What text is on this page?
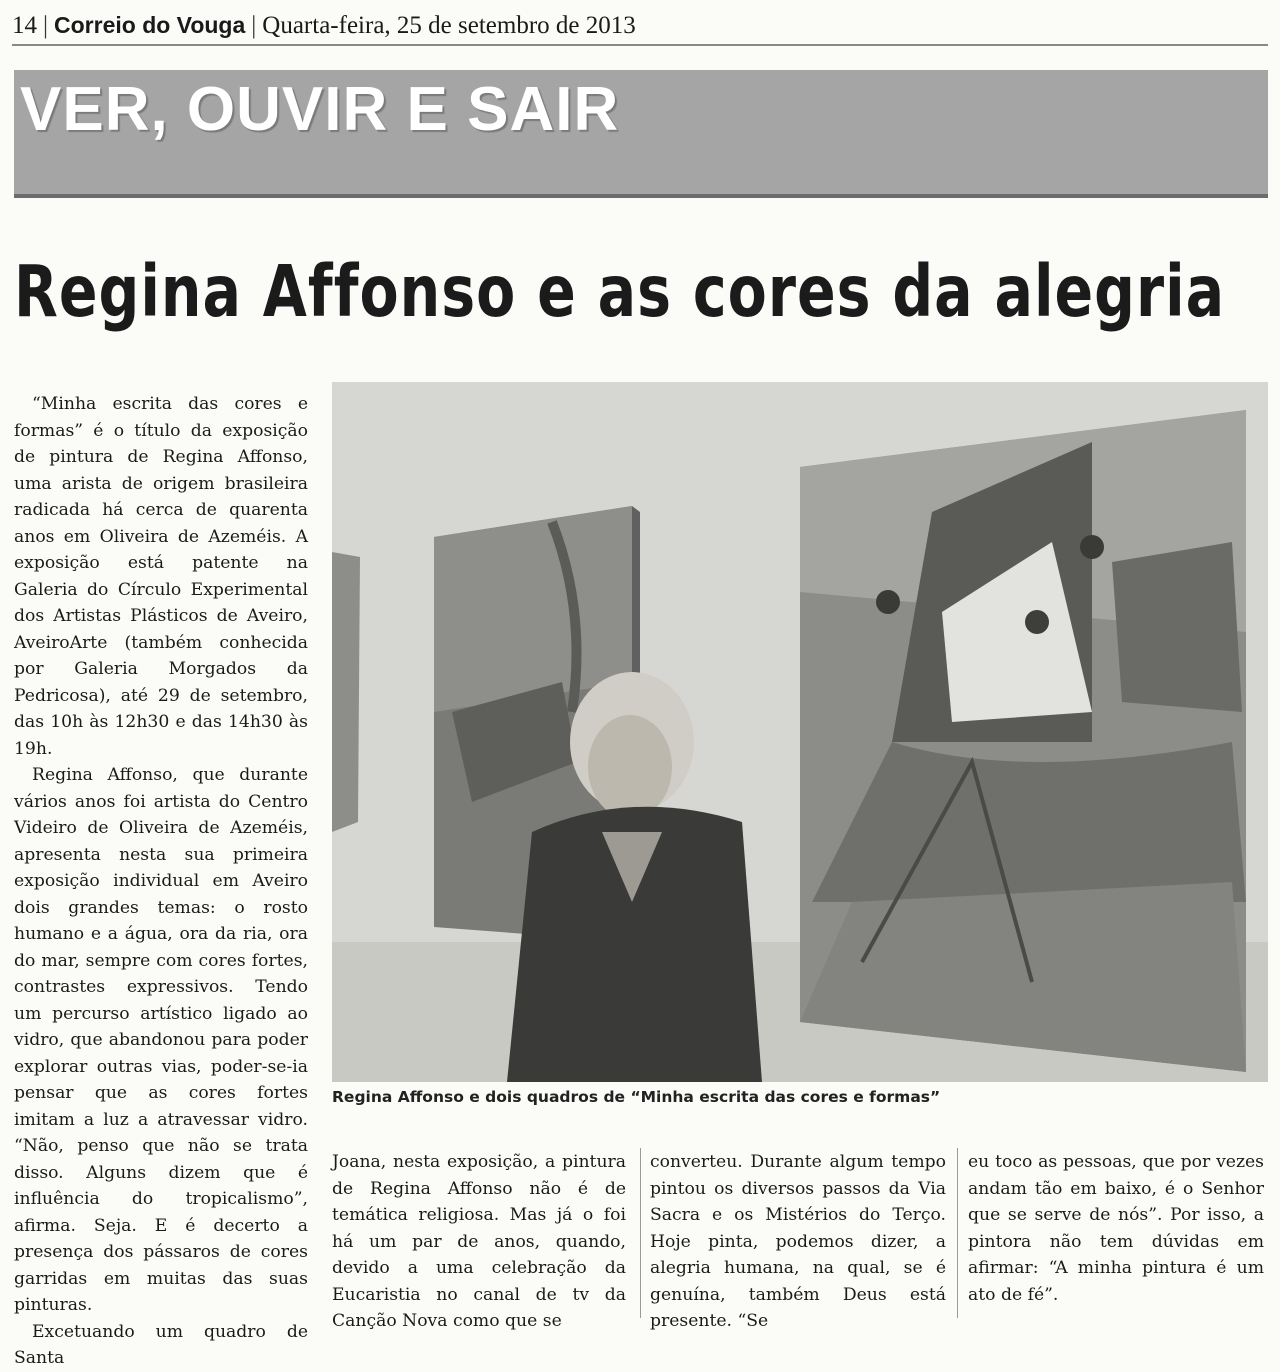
14 | Correio do Vouga | Quarta-feira, 25 de setembro de 2013
VER, OUVIR E SAIR
Regina Affonso e as cores da alegria

“Minha escrita das cores e formas” é o título da exposição de pintura de Regina Affonso, uma arista de origem brasileira radicada há cerca de quarenta anos em Oliveira de Azeméis. A exposição está patente na Galeria do Círculo Experimental dos Artistas Plásticos de Aveiro, AveiroArte (também conhecida por Galeria Morgados da Pedricosa), até 29 de setembro, das 10h às 12h30 e das 14h30 às 19h.

Regina Affonso, que durante vários anos foi artista do Centro Videiro de Oliveira de Azeméis, apresenta nesta sua primeira exposição individual em Aveiro dois grandes temas: o rosto humano e a água, ora da ria, ora do mar, sempre com cores fortes, contrastes expressivos. Tendo um percurso artístico ligado ao vidro, que abandonou para poder explorar outras vias, poder-se-ia pensar que as cores fortes imitam a luz a atravessar vidro. “Não, penso que não se trata disso. Alguns dizem que é influência do tropicalismo”, afirma. Seja. E é decerto a presença dos pássaros de cores garridas em muitas das suas pinturas.

Excetuando um quadro de Santa

Regina Affonso e dois quadros de “Minha escrita das cores e formas”

Joana, nesta exposição, a pintura de Regina Affonso não é de temática religiosa. Mas já o foi há um par de anos, quando, devido a uma celebração da Eucaristia no canal de tv da Canção Nova como que se

converteu. Durante algum tempo pintou os diversos passos da Via Sacra e os Mistérios do Terço. Hoje pinta, podemos dizer, a alegria humana, na qual, se é genuína, também Deus está presente. “Se

eu toco as pessoas, que por vezes andam tão em baixo, é o Senhor que se serve de nós”. Por isso, a pintora não tem dúvidas em afirmar: “A minha pintura é um ato de fé”.
